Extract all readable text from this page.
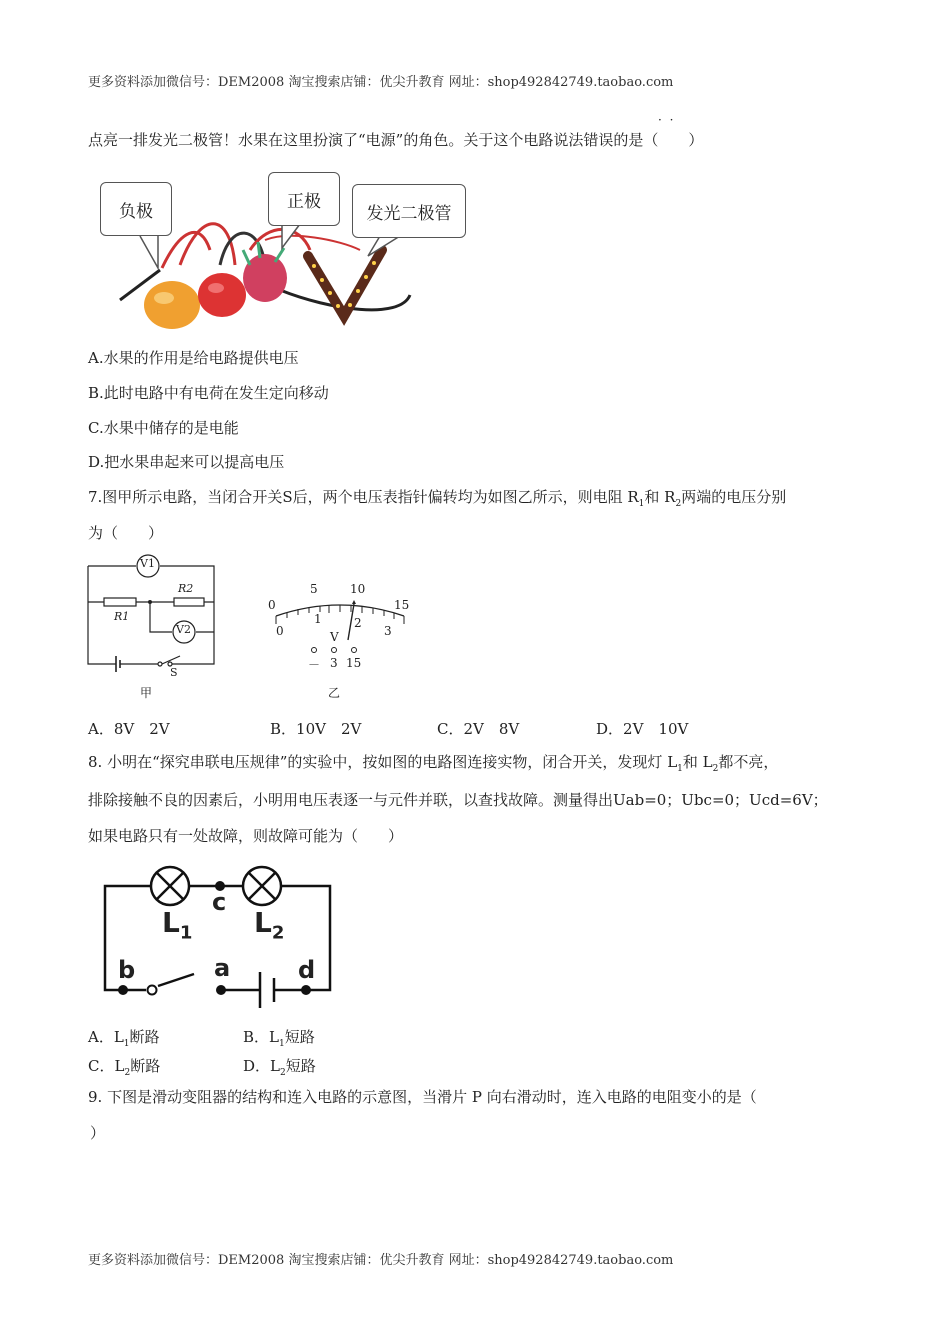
更多资料添加微信号：DEM2008 淘宝搜索店铺：优尖升教育 网址：shop492842749.taobao.com
· ·
点亮一排发光二极管！水果在这里扮演了“电源”的角色。关于这个电路说法错误的是（　　）
负极	正极
发光二极管
A.水果的作用是给电路提供电压
B.此时电路中有电荷在发生定向移动
C.水果中储存的是电能
D.把水果串起来可以提高电压
7.图甲所示电路，当闭合开关S后，两个电压表指针偏转均为如图乙所示，则电阻 $R_1$和 $R_2$两端的电压分别
为（　　）
V1
V2
R1
R2
S
甲
0
5	10
15
0
1	2
3
V
－ 3 15
乙
A．8V　2V	B．10V　2V	C．2V　8V	D．2V　10V
8. 小明在“探究串联电压规律”的实验中，按如图的电路图连接实物，闭合开关，发现灯 $L_1$和 $L_2$都不亮，
排除接触不良的因素后，小明用电压表逐一与元件并联，以查找故障。测量得出Uab=0；Ubc=0；Ucd=6V；
如果电路只有一处故障，则故障可能为（　　）
$L_1$ $L_2$
c
b	a	d
A．$L_1$断路	B．$L_1$短路
C．$L_2$断路	D．$L_2$短路
9. 下图是滑动变阻器的结构和连入电路的示意图，当滑片 P 向右滑动时，连入电路的电阻变小的是（
）
更多资料添加微信号：DEM2008 淘宝搜索店铺：优尖升教育 网址：shop492842749.taobao.com
